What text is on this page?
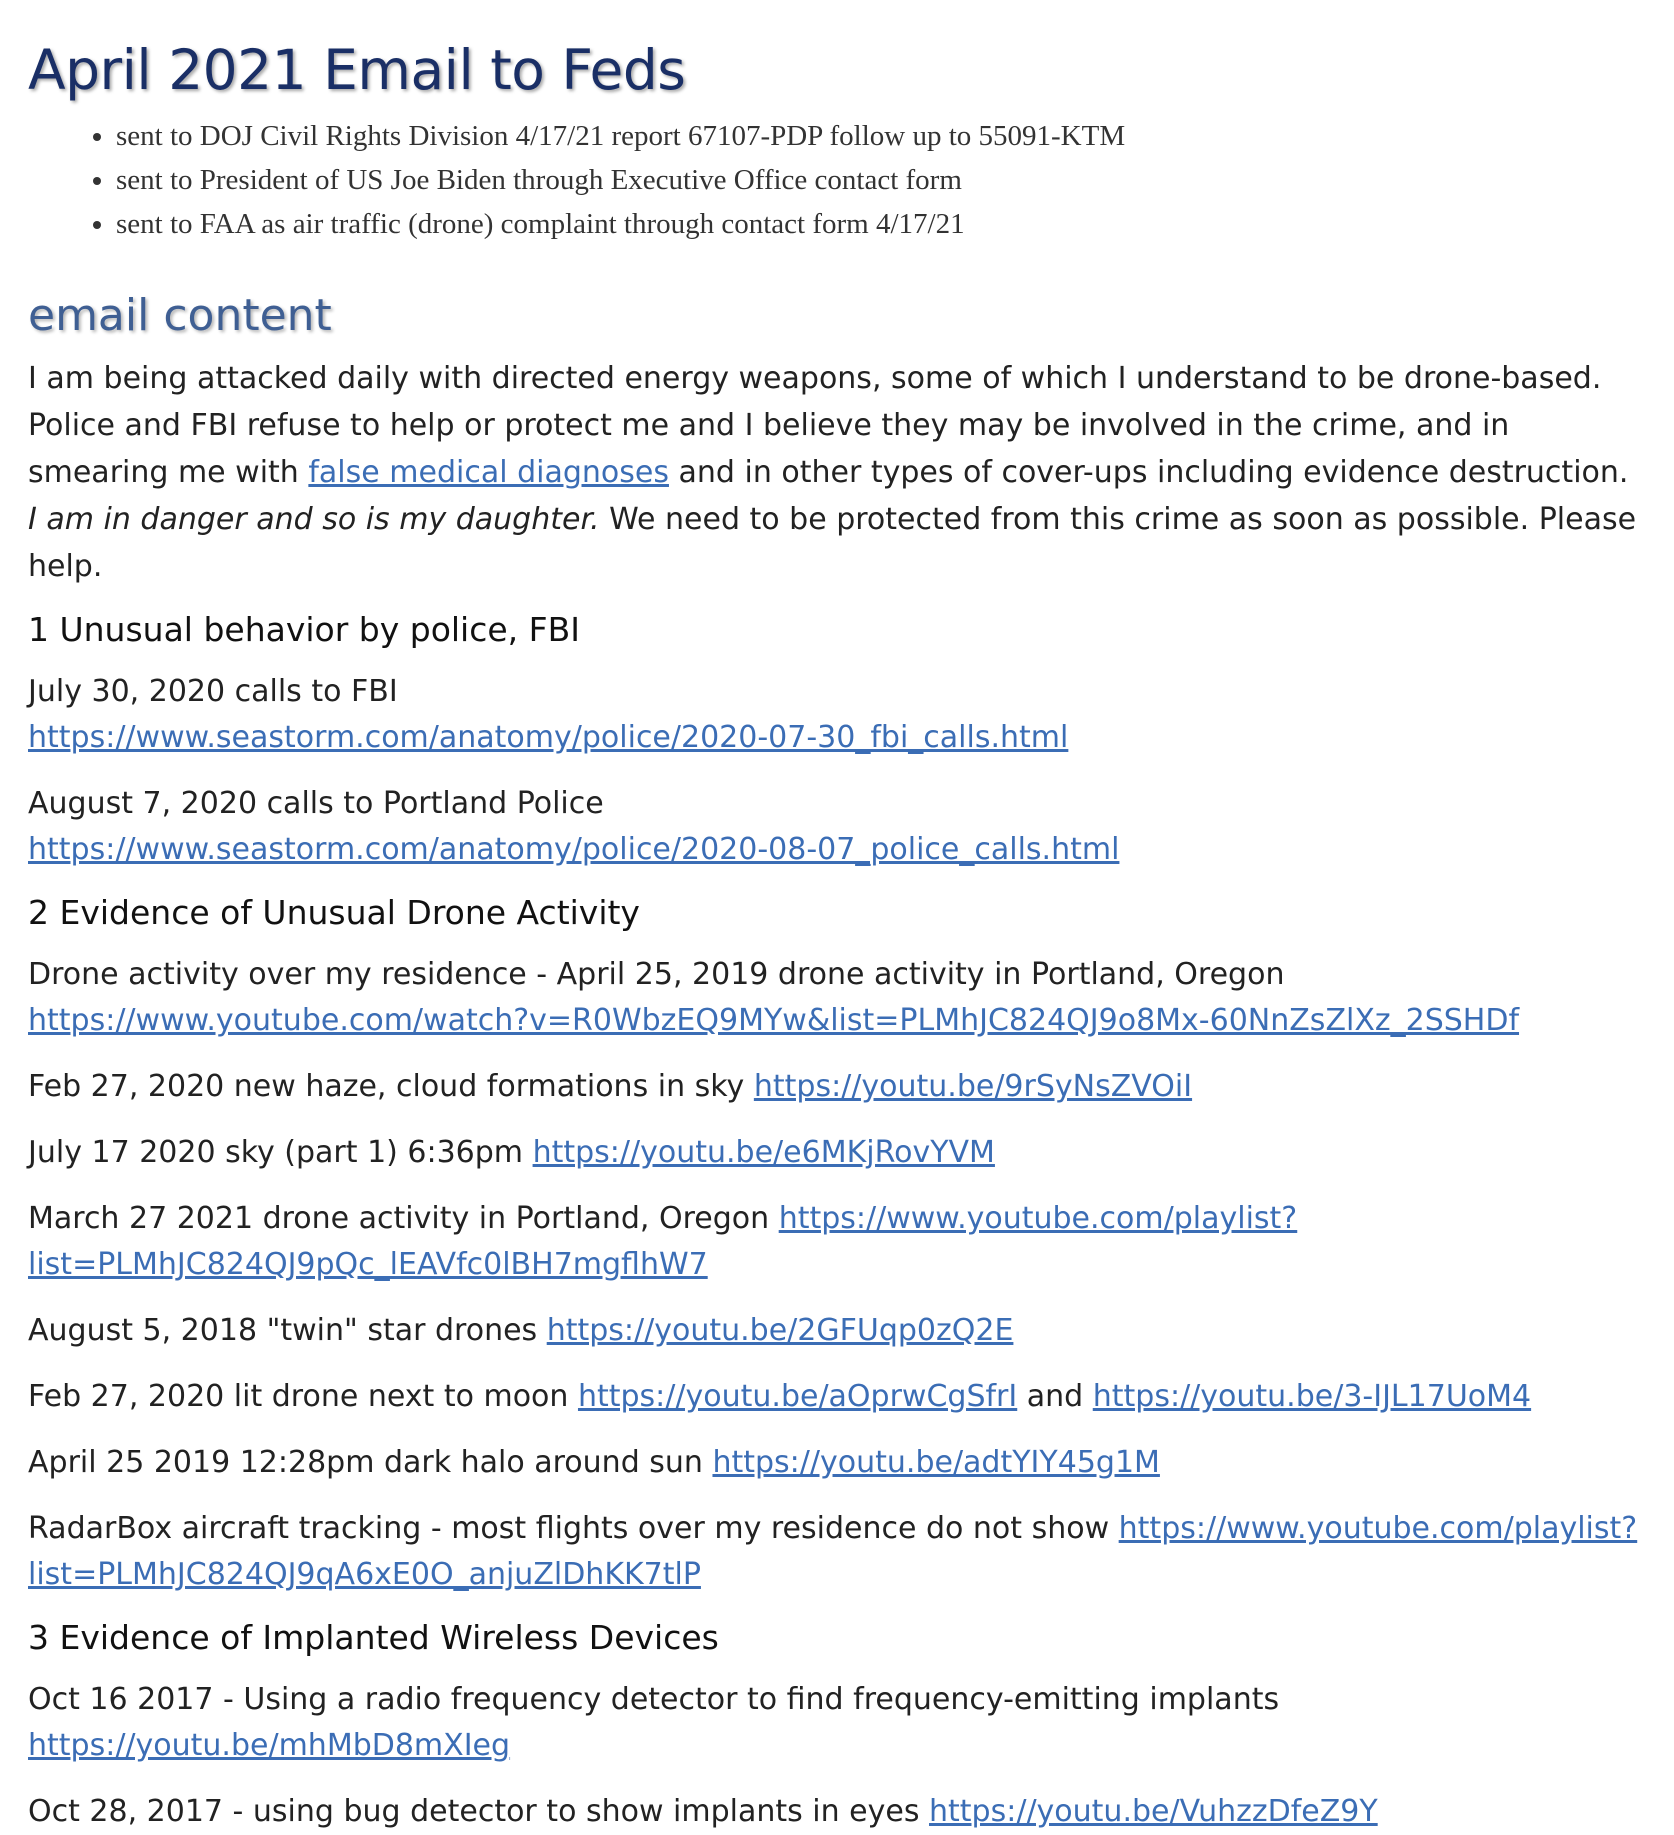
April 2021 Email to Feds
• sent to DOJ Civil Rights Division 4/17/21 report 67107-PDP follow up to 55091-KTM
• sent to President of US Joe Biden through Executive Office contact form
• sent to FAA as air traffic (drone) complaint through contact form 4/17/21
email content

I am being attacked daily with directed energy weapons, some of which I understand to be drone-based. Police and FBI refuse to help or protect me and I believe they may be involved in the crime, and in smearing me with false medical diagnoses and in other types of cover-ups including evidence destruction. I am in danger and so is my daughter. We need to be protected from this crime as soon as possible. Please help.

1 Unusual behavior by police, FBI

July 30, 2020 calls to FBI
https://www.seastorm.com/anatomy/police/2020-07-30_fbi_calls.html

August 7, 2020 calls to Portland Police
https://www.seastorm.com/anatomy/police/2020-08-07_police_calls.html

2 Evidence of Unusual Drone Activity

Drone activity over my residence - April 25, 2019 drone activity in Portland, Oregon
https://www.youtube.com/watch?v=R0WbzEQ9MYw&list=PLMhJC824QJ9o8Mx-60NnZsZlXz_2SSHDf

Feb 27, 2020 new haze, cloud formations in sky https://youtu.be/9rSyNsZVOiI

July 17 2020 sky (part 1) 6:36pm https://youtu.be/e6MKjRovYVM

March 27 2021 drone activity in Portland, Oregon https://www.youtube.com/playlist?list=PLMhJC824QJ9pQc_lEAVfc0lBH7mgflhW7

August 5, 2018 "twin" star drones https://youtu.be/2GFUqp0zQ2E

Feb 27, 2020 lit drone next to moon https://youtu.be/aOprwCgSfrI and https://youtu.be/3-IJL17UoM4

April 25 2019 12:28pm dark halo around sun https://youtu.be/adtYIY45g1M

RadarBox aircraft tracking - most flights over my residence do not show https://www.youtube.com/playlist?list=PLMhJC824QJ9qA6xE0O_anjuZlDhKK7tlP

3 Evidence of Implanted Wireless Devices

Oct 16 2017 - Using a radio frequency detector to find frequency-emitting implants
https://youtu.be/mhMbD8mXIeg

Oct 28, 2017 - using bug detector to show implants in eyes https://youtu.be/VuhzzDfeZ9Y
